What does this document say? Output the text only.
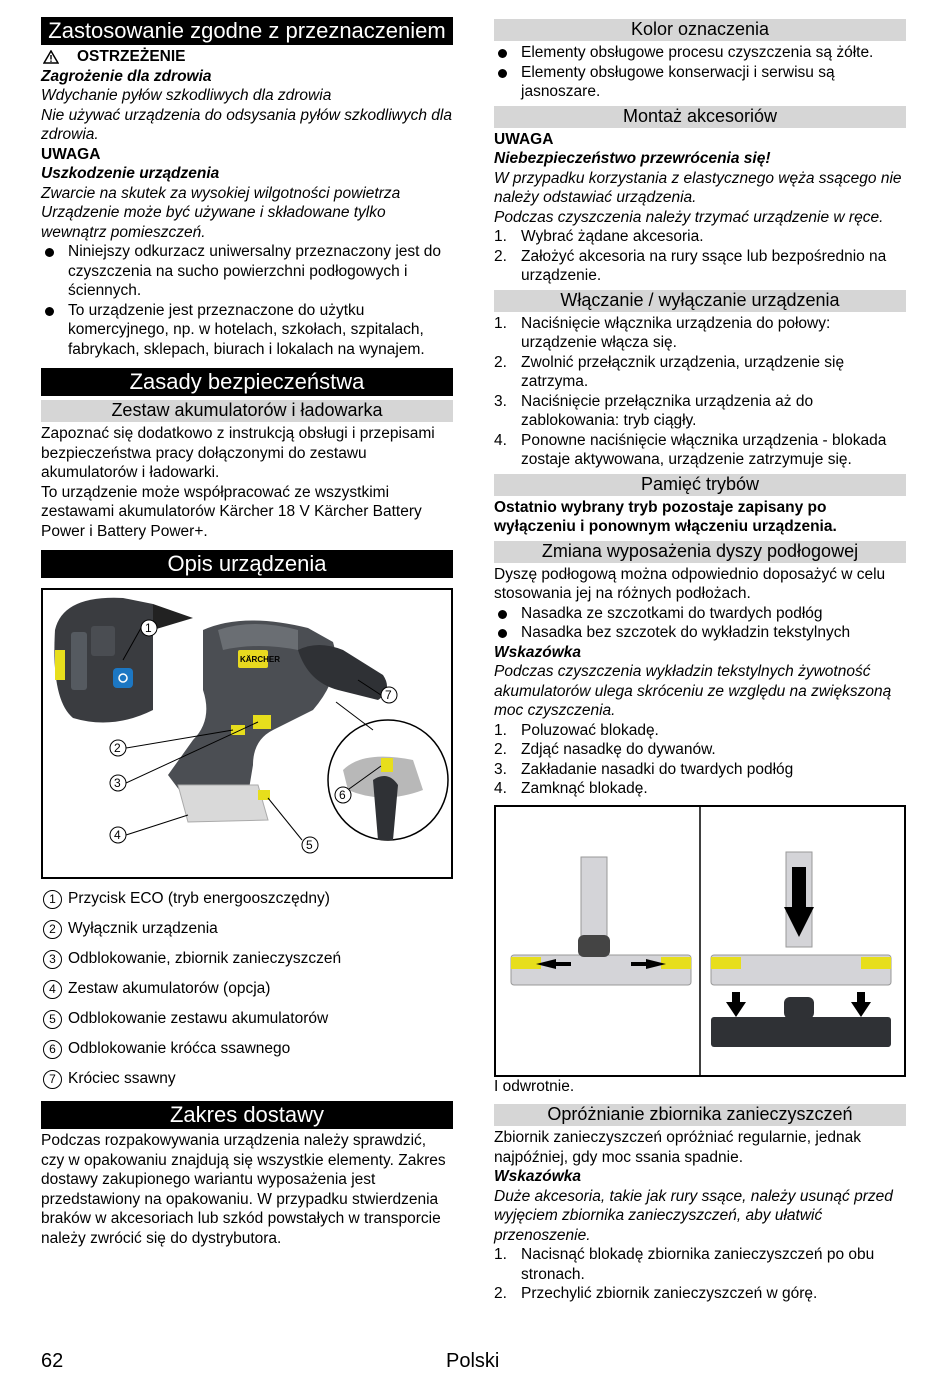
Zastosowanie zgodne z przeznaczeniem
OSTRZEŻENIE

Zagrożenie dla zdrowia

Wdychanie pyłów szkodliwych dla zdrowia

Nie używać urządzenia do odsysania pyłów szkodliwych dla zdrowia.

UWAGA

Uszkodzenie urządzenia

Zwarcie na skutek za wysokiej wilgotności powietrza

Urządzenie może być używane i składowane tylko wewnątrz pomieszczeń.

Niniejszy odkurzacz uniwersalny przeznaczony jest do czyszczenia na sucho powierzchni podłogowych i ściennych.

To urządzenie jest przeznaczone do użytku komercyjnego, np. w hotelach, szkołach, szpitalach, fabrykach, sklepach, biurach i lokalach na wynajem.

Zasady bezpieczeństwa
Zestaw akumulatorów i ładowarka

Zapoznać się dodatkowo z instrukcją obsługi i przepisami bezpieczeństwa pracy dołączonymi do zestawu akumulatorów i ładowarki.

To urządzenie może współpracować ze wszystkimi zestawami akumulatorów Kärcher 18 V Kärcher Battery Power i Battery Power+.

Opis urządzenia
KÄRCHER
1
2
3
4
5
6
7
1 Przycisk ECO (tryb energooszczędny)
2 Wyłącznik urządzenia
3 Odblokowanie, zbiornik zanieczyszczeń
4 Zestaw akumulatorów (opcja)
5 Odblokowanie zestawu akumulatorów
6 Odblokowanie króćca ssawnego
7 Króciec ssawny
Zakres dostawy

Podczas rozpakowywania urządzenia należy sprawdzić, czy w opakowaniu znajdują się wszystkie elementy. Zakres dostawy zakupionego wariantu wyposażenia jest przedstawiony na opakowaniu. W przypadku stwierdzenia braków w akcesoriach lub szkód powstałych w transporcie należy zwrócić się do dystrybutora.

Kolor oznaczenia

Elementy obsługowe procesu czyszczenia są żółte.

Elementy obsługowe konserwacji i serwisu są jasnoszare.

Montaż akcesoriów

UWAGA

Niebezpieczeństwo przewrócenia się!

W przypadku korzystania z elastycznego węża ssącego nie należy odstawiać urządzenia.

Podczas czyszczenia należy trzymać urządzenie w ręce.

1. Wybrać żądane akcesoria.

2. Założyć akcesoria na rury ssące lub bezpośrednio na urządzenie.

Włączanie / wyłączanie urządzenia

1. Naciśnięcie włącznika urządzenia do połowy: urządzenie włącza się.

2. Zwolnić przełącznik urządzenia, urządzenie się zatrzyma.

3. Naciśnięcie przełącznika urządzenia aż do zablokowania: tryb ciągły.

4. Ponowne naciśnięcie włącznika urządzenia - blokada zostaje aktywowana, urządzenie zatrzymuje się.

Pamięć trybów

Ostatnio wybrany tryb pozostaje zapisany po wyłączeniu i ponownym włączeniu urządzenia.

Zmiana wyposażenia dyszy podłogowej

Dyszę podłogową można odpowiednio doposażyć w celu stosowania jej na różnych podłożach.

Nasadka ze szczotkami do twardych podłóg

Nasadka bez szczotek do wykładzin tekstylnych

Wskazówka

Podczas czyszczenia wykładzin tekstylnych żywotność akumulatorów ulega skróceniu ze względu na zwiększoną moc czyszczenia.

1. Poluzować blokadę.

2. Zdjąć nasadkę do dywanów.

3. Zakładanie nasadki do twardych podłóg

4. Zamknąć blokadę.

I odwrotnie.

Opróżnianie zbiornika zanieczyszczeń

Zbiornik zanieczyszczeń opróżniać regularnie, jednak najpóźniej, gdy moc ssania spadnie.

Wskazówka

Duże akcesoria, takie jak rury ssące, należy usunąć przed wyjęciem zbiornika zanieczyszczeń, aby ułatwić przenoszenie.

1. Nacisnąć blokadę zbiornika zanieczyszczeń po obu stronach.

2. Przechylić zbiornik zanieczyszczeń w górę.

62	Polski
